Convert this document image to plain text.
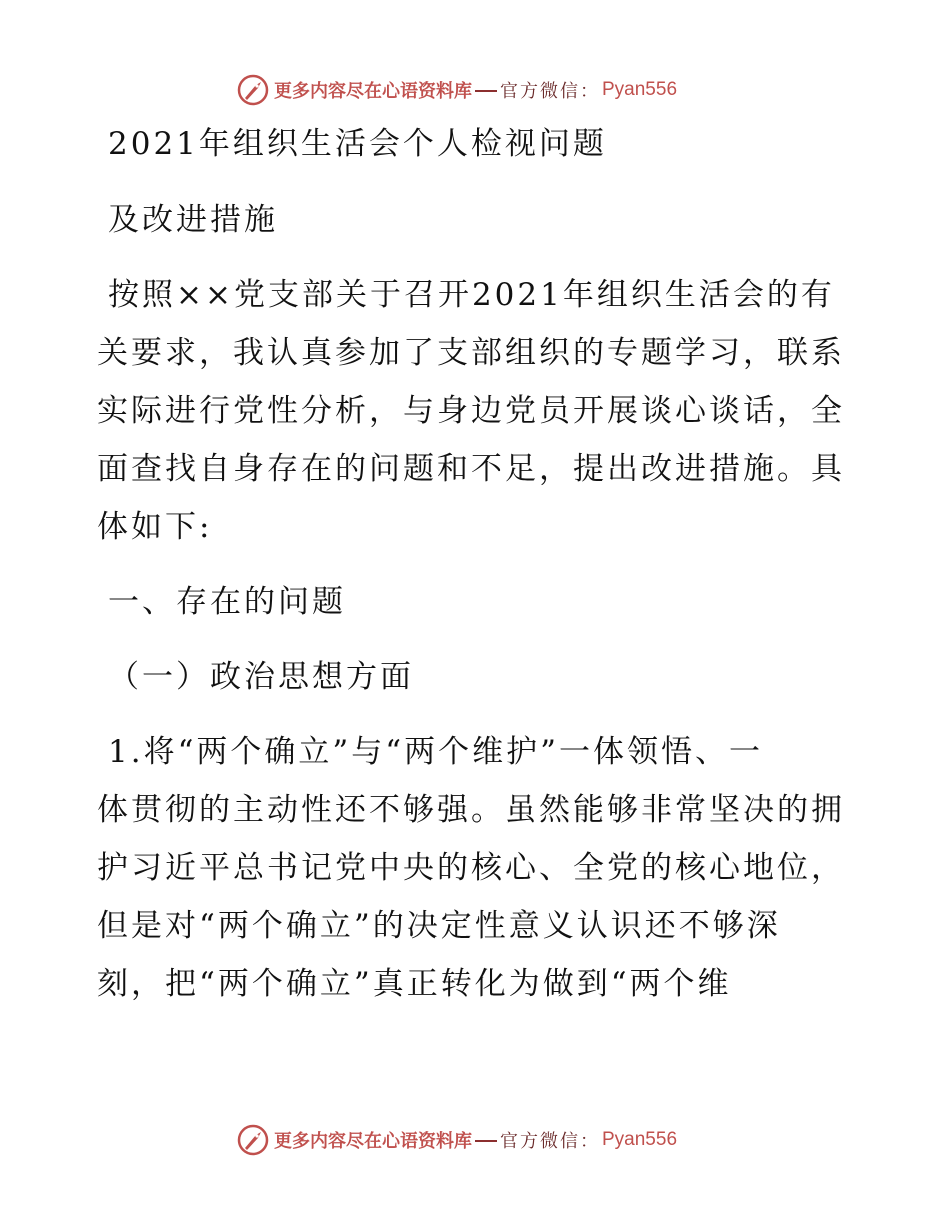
更多内容尽在心语资料库 官方微信 ： Pyan556
2021年组织生活会个人检视问题
及改进措施
按照××党支部关于召开2021年组织生活会的有
关要求，我认真参加了支部组织的专题学习，联系
实际进行党性分析，与身边党员开展谈心谈话，全
面查找自身存在的问题和不足，提出改进措施。具
体如下:
一、存在的问题
（一）政治思想方面
1.将“两个确立”与“两个维护”一体领悟、一
体贯彻的主动性还不够强。虽然能够非常坚决的拥
护习近平总书记党中央的核心、全党的核心地位，
但是对“两个确立”的决定性意义认识还不够深
刻，把“两个确立”真正转化为做到“两个维
更多内容尽在心语资料库 官方微信 ： Pyan556
